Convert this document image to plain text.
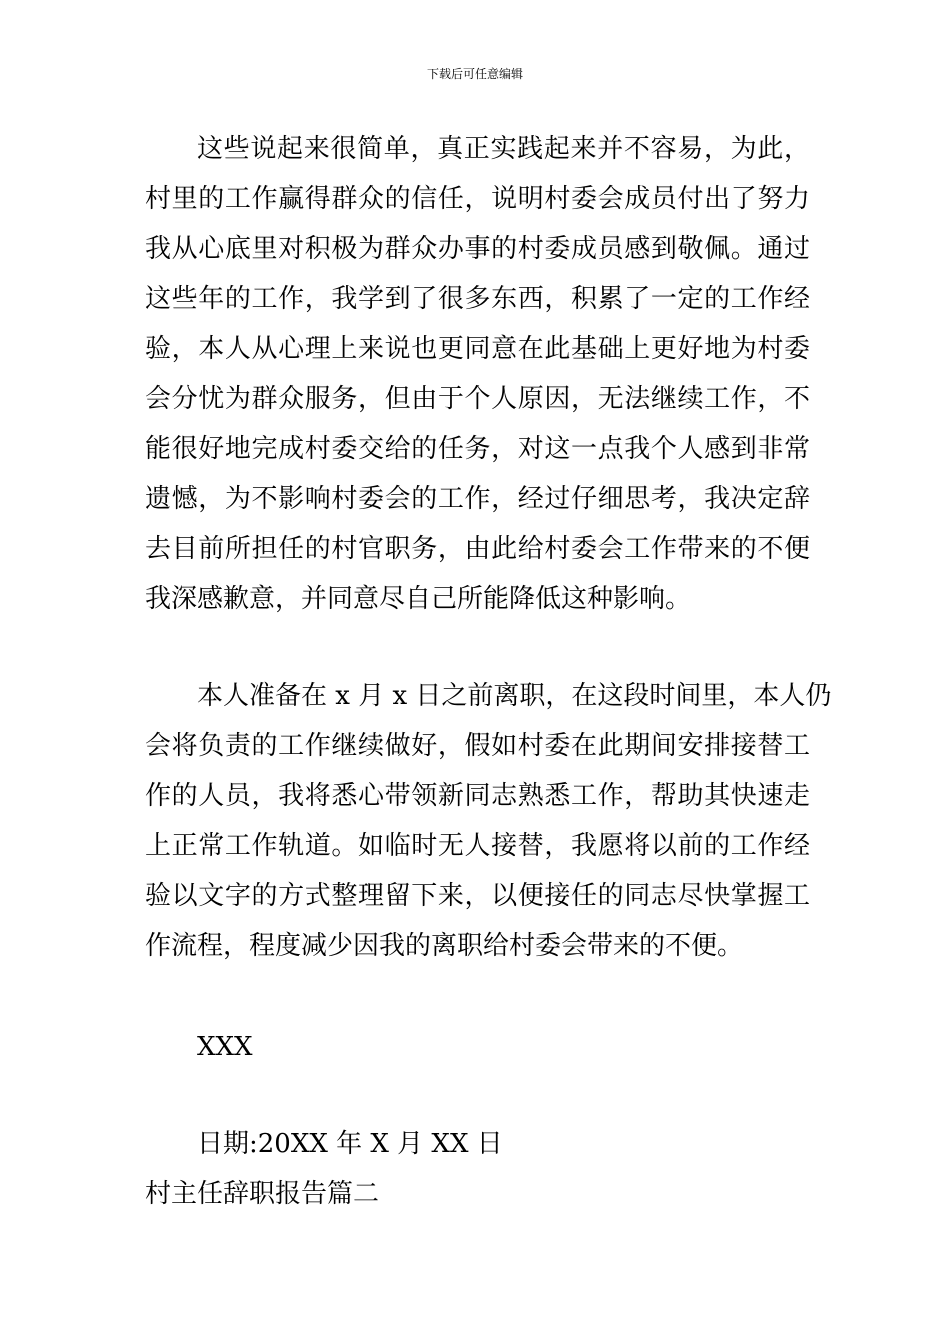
下载后可任意编辑
这些说起来很简单，真正实践起来并不容易，为此，
村里的工作赢得群众的信任，说明村委会成员付出了努力
我从心底里对积极为群众办事的村委成员感到敬佩。通过
这些年的工作，我学到了很多东西，积累了一定的工作经
验，本人从心理上来说也更同意在此基础上更好地为村委
会分忧为群众服务，但由于个人原因，无法继续工作，不
能很好地完成村委交给的任务，对这一点我个人感到非常
遗憾，为不影响村委会的工作，经过仔细思考，我决定辞
去目前所担任的村官职务，由此给村委会工作带来的不便
我深感歉意，并同意尽自己所能降低这种影响。
本人准备在 x 月 x 日之前离职，在这段时间里，本人仍
会将负责的工作继续做好，假如村委在此期间安排接替工
作的人员，我将悉心带领新同志熟悉工作，帮助其快速走
上正常工作轨道。如临时无人接替，我愿将以前的工作经
验以文字的方式整理留下来，以便接任的同志尽快掌握工
作流程，程度减少因我的离职给村委会带来的不便。
XXX
日期:20XX 年 X 月 XX 日
村主任辞职报告篇二
